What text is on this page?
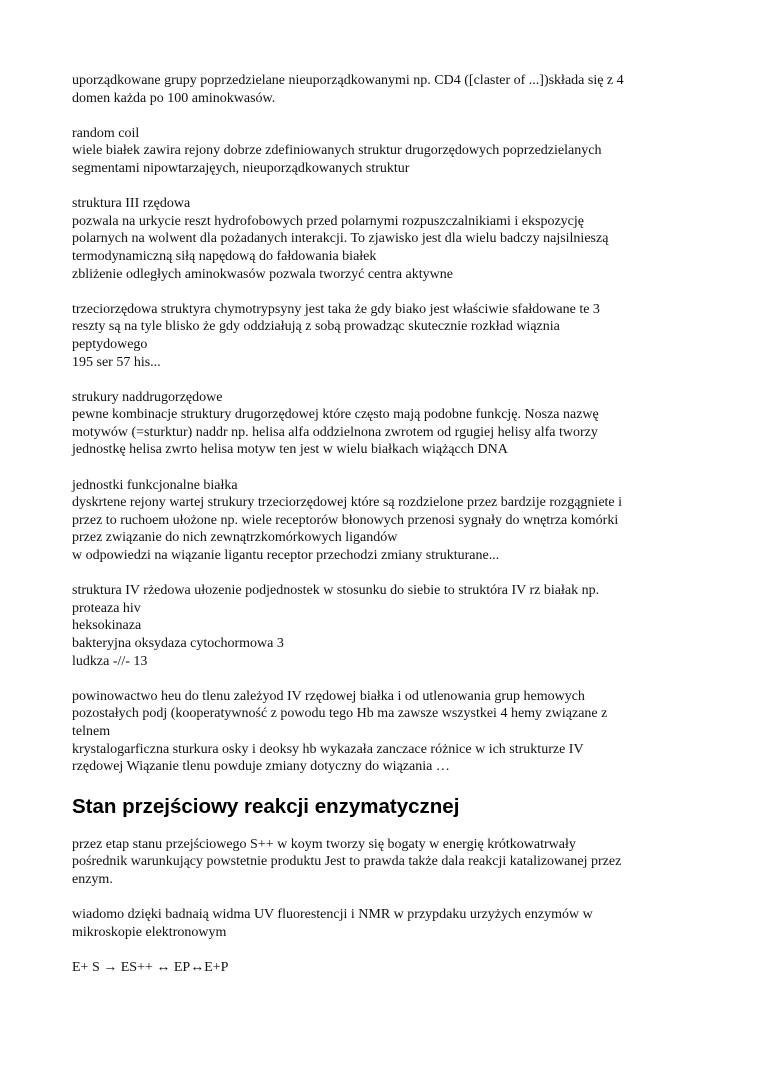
uporządkowane grupy poprzedzielane nieuporządkowanymi np. CD4 ([claster of ...])składa się z 4
domen każda po 100 aminokwasów.

random coil
wiele białek zawira rejony dobrze zdefiniowanych struktur drugorzędowych poprzedzielanych
segmentami nipowtarzajęych, nieuporządkowanych struktur

struktura III rzędowa
pozwala na urkycie reszt hydrofobowych przed polarnymi rozpuszczalnikiami i ekspozycję
polarnych na wolwent dla pożadanych interakcji. To zjawisko jest dla wielu badczy najsilnieszą
termodynamiczną siłą napędową do fałdowania białek
zbliżenie odległych aminokwasów pozwala tworzyć centra aktywne

trzeciorzędowa struktyra chymotrypsyny jest taka że gdy biako jest właściwie sfałdowane te 3
reszty są na tyle blisko że gdy oddziałują z sobą prowadząc skutecznie rozkład wiąznia
peptydowego
195 ser 57 his...

strukury naddrugorzędowe
pewne kombinacje struktury drugorzędowej które często mają podobne funkcję. Nosza nazwę
motywów (=sturktur) naddr np. helisa alfa oddzielnona zwrotem od rgugiej helisy alfa tworzy
jednostkę helisa zwrto helisa motyw ten jest w wielu białkach wiążącch DNA

jednostki funkcjonalne białka
dyskrtene rejony wartej strukury trzeciorzędowej które są rozdzielone przez bardzije rozgągniete i
przez to ruchoem ułożone np. wiele receptorów błonowych przenosi sygnały do wnętrza komórki
przez związanie do nich zewnątrzkomórkowych ligandów
w odpowiedzi na wiązanie ligantu receptor przechodzi zmiany strukturane...

struktura IV rżedowa ułozenie podjednostek w stosunku do siebie to struktóra IV rz białak np.
proteaza hiv
heksokinaza
bakteryjna oksydaza cytochormowa 3
ludkza -//- 13

powinowactwo heu do tlenu zależyod IV rzędowej białka i od utlenowania grup hemowych
pozostałych podj (kooperatywność z powodu tego Hb ma zawsze wszystkei 4 hemy związane z
telnem
krystalogarficzna sturkura osky i deoksy hb wykazała zanczace różnice w ich strukturze IV
rzędowej Wiązanie tlenu powduje zmiany dotyczny do wiązania …

Stan przejściowy reakcji enzymatycznej

przez etap stanu przejściowego S++ w koym tworzy się bogaty w energię krótkowatrwały
pośrednik warunkujący powstetnie produktu Jest to prawda także dala reakcji katalizowanej przez
enzym.

wiadomo dzięki badnaią widma UV fluorestencji i NMR w przypdaku urzyżych enzymów w
mikroskopie elektronowym

E+ S → ES++ ↔ EP↔E+P
